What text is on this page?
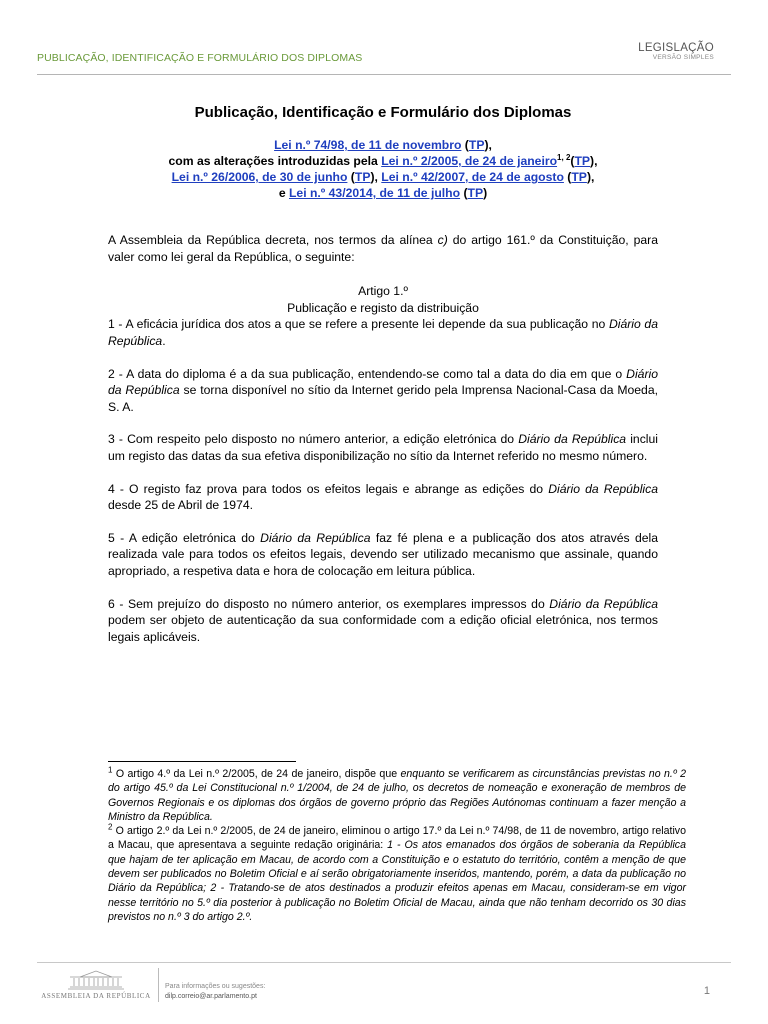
PUBLICAÇÃO, IDENTIFICAÇÃO E FORMULÁRIO DOS DIPLOMAS
LEGISLAÇÃO
VERSÃO SIMPLES
Publicação, Identificação e Formulário dos Diplomas
Lei n.º 74/98, de 11 de novembro (TP),
com as alterações introduzidas pela Lei n.º 2/2005, de 24 de janeiro$^{1, 2}$(TP),
Lei n.º 26/2006, de 30 de junho (TP), Lei n.º 42/2007, de 24 de agosto (TP),
e Lei n.º 43/2014, de 11 de julho (TP)
A Assembleia da República decreta, nos termos da alínea c) do artigo 161.º da Constituição, para valer como lei geral da República, o seguinte:
Artigo 1.º
Publicação e registo da distribuição
1 - A eficácia jurídica dos atos a que se refere a presente lei depende da sua publicação no Diário da República.
2 - A data do diploma é a da sua publicação, entendendo-se como tal a data do dia em que o Diário da República se torna disponível no sítio da Internet gerido pela Imprensa Nacional-Casa da Moeda, S. A.
3 - Com respeito pelo disposto no número anterior, a edição eletrónica do Diário da República inclui um registo das datas da sua efetiva disponibilização no sítio da Internet referido no mesmo número.
4 - O registo faz prova para todos os efeitos legais e abrange as edições do Diário da República desde 25 de Abril de 1974.
5 - A edição eletrónica do Diário da República faz fé plena e a publicação dos atos através dela realizada vale para todos os efeitos legais, devendo ser utilizado mecanismo que assinale, quando apropriado, a respetiva data e hora de colocação em leitura pública.
6 - Sem prejuízo do disposto no número anterior, os exemplares impressos do Diário da República podem ser objeto de autenticação da sua conformidade com a edição oficial eletrónica, nos termos legais aplicáveis.
$^1$ O artigo 4.º da Lei n.º 2/2005, de 24 de janeiro, dispõe que enquanto se verificarem as circunstâncias previstas no n.º 2 do artigo 45.º da Lei Constitucional n.º 1/2004, de 24 de julho, os decretos de nomeação e exoneração de membros de Governos Regionais e os diplomas dos órgãos de governo próprio das Regiões Autónomas continuam a fazer menção a Ministro da República.
$^2$ O artigo 2.º da Lei n.º 2/2005, de 24 de janeiro, eliminou o artigo 17.º da Lei n.º 74/98, de 11 de novembro, artigo relativo a Macau, que apresentava a seguinte redação originária: 1 - Os atos emanados dos órgãos de soberania da República que hajam de ter aplicação em Macau, de acordo com a Constituição e o estatuto do território, contêm a menção de que devem ser publicados no Boletim Oficial e aí serão obrigatoriamente inseridos, mantendo, porém, a data da publicação no Diário da República; 2 - Tratando-se de atos destinados a produzir efeitos apenas em Macau, consideram-se em vigor nesse território no 5.º dia posterior à publicação no Boletim Oficial de Macau, ainda que não tenham decorrido os 30 dias previstos no n.º 3 do artigo 2.º.
ASSEMBLEIA DA REPÚBLICA
Para informações ou sugestões:
dilp.correio@ar.parlamento.pt	1
